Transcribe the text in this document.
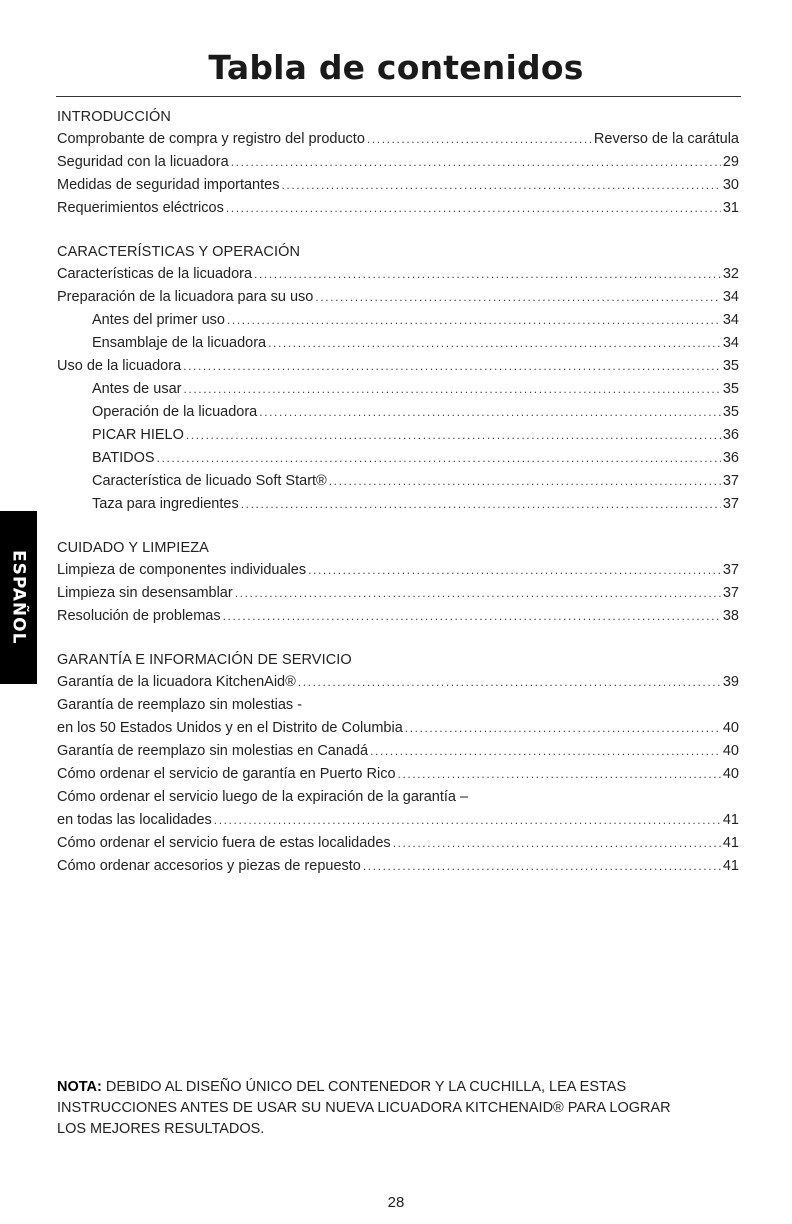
Tabla de contenidos
INTRODUCCIÓN
Comprobante de compra y registro del producto .....	Reverso de la carátula
Seguridad con la licuadora .....	29
Medidas de seguridad importantes .....	30
Requerimientos eléctricos .....	31
CARACTERÍSTICAS Y OPERACIÓN
Características de la licuadora .....	32
Preparación de la licuadora para su uso .....	34
Antes del primer uso .....	34
Ensamblaje de la licuadora .....	34
Uso de la licuadora .....	35
Antes de usar .....	35
Operación de la licuadora .....	35
PICAR HIELO .....	36
BATIDOS .....	36
Característica de licuado Soft Start® .....	37
Taza para ingredientes .....	37
CUIDADO Y LIMPIEZA
Limpieza de componentes individuales .....	37
Limpieza sin desensamblar .....	37
Resolución de problemas .....	38
GARANTÍA E INFORMACIÓN DE SERVICIO
Garantía de la licuadora KitchenAid® .....	39
Garantía de reemplazo sin molestias -
en los 50 Estados Unidos y en el Distrito de Columbia .....	40
Garantía de reemplazo sin molestias en Canadá .....	40
Cómo ordenar el servicio de garantía en Puerto Rico .....	40
Cómo ordenar el servicio luego de la expiración de la garantía –
en todas las localidades .....	41
Cómo ordenar el servicio fuera de estas localidades .....	41
Cómo ordenar accesorios y piezas de repuesto .....	41
ESPAÑOL
NOTA: DEBIDO AL DISEÑO ÚNICO DEL CONTENEDOR Y LA CUCHILLA, LEA ESTAS INSTRUCCIONES ANTES DE USAR SU NUEVA LICUADORA KITCHENAID® PARA LOGRAR LOS MEJORES RESULTADOS.
28
